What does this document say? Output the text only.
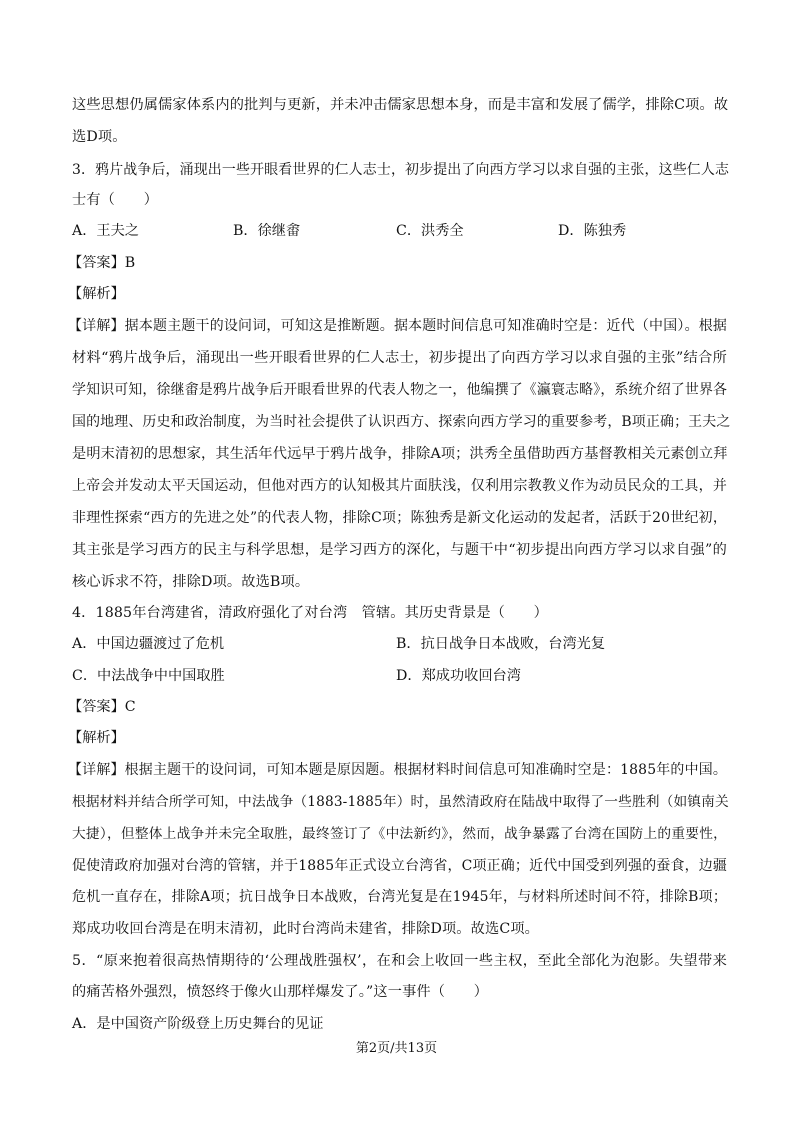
这些思想仍属儒家体系内的批判与更新，并未冲击儒家思想本身，而是丰富和发展了儒学，排除C项。故
选D项。
3．鸦片战争后，涌现出一些开眼看世界的仁人志士，初步提出了向西方学习以求自强的主张，这些仁人志
士有（　　）
A．王夫之	B．徐继畬	C．洪秀全	D．陈独秀
【答案】B
【解析】
【详解】据本题主题干的设问词，可知这是推断题。据本题时间信息可知准确时空是：近代（中国）。根据
材料“鸦片战争后，涌现出一些开眼看世界的仁人志士，初步提出了向西方学习以求自强的主张”结合所
学知识可知，徐继畬是鸦片战争后开眼看世界的代表人物之一，他编撰了《瀛寰志略》，系统介绍了世界各
国的地理、历史和政治制度，为当时社会提供了认识西方、探索向西方学习的重要参考，B项正确；王夫之
是明末清初的思想家，其生活年代远早于鸦片战争，排除A项；洪秀全虽借助西方基督教相关元素创立拜
上帝会并发动太平天国运动，但他对西方的认知极其片面肤浅，仅利用宗教教义作为动员民众的工具，并
非理性探索“西方的先进之处”的代表人物，排除C项；陈独秀是新文化运动的发起者，活跃于20世纪初，
其主张是学习西方的民主与科学思想，是学习西方的深化，与题干中“初步提出向西方学习以求自强”的
核心诉求不符，排除D项。故选B项。
4．1885年台湾建省，清政府强化了对台湾　管辖。其历史背景是（　　）
A．中国边疆渡过了危机	B．抗日战争日本战败，台湾光复
C．中法战争中中国取胜	D．郑成功收回台湾
【答案】C
【解析】
【详解】根据主题干的设问词，可知本题是原因题。根据材料时间信息可知准确时空是：1885年的中国。
根据材料并结合所学可知，中法战争（1883-1885年）时，虽然清政府在陆战中取得了一些胜利（如镇南关
大捷），但整体上战争并未完全取胜，最终签订了《中法新约》，然而，战争暴露了台湾在国防上的重要性，
促使清政府加强对台湾的管辖，并于1885年正式设立台湾省，C项正确；近代中国受到列强的蚕食，边疆
危机一直存在，排除A项；抗日战争日本战败，台湾光复是在1945年，与材料所述时间不符，排除B项；
郑成功收回台湾是在明末清初，此时台湾尚未建省，排除D项。故选C项。
5．“原来抱着很高热情期待的‘公理战胜强权’，在和会上收回一些主权，至此全部化为泡影。失望带来
的痛苦格外强烈，愤怒终于像火山那样爆发了。”这一事件（　　）
A．是中国资产阶级登上历史舞台的见证
第2页/共13页
